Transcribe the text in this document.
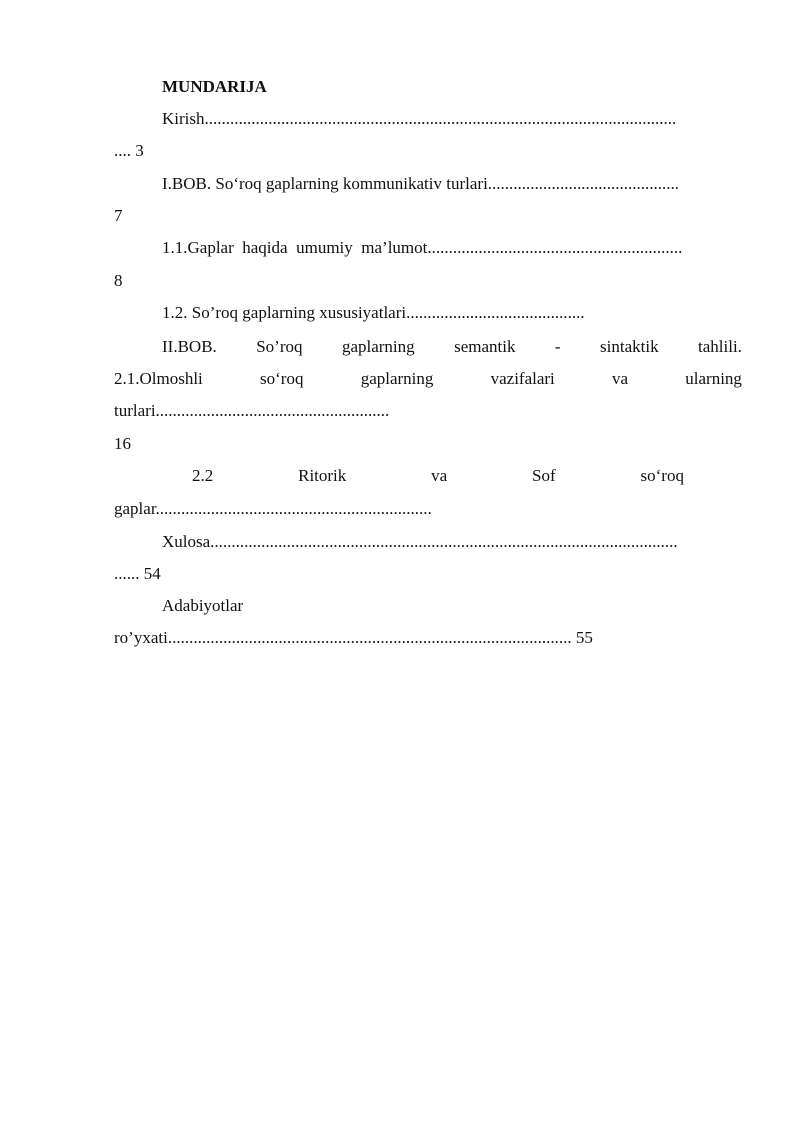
MUNDARIJA
Kirish...............................................................................................................
.... 3
I.BOB. So‘roq gaplarning kommunikativ turlari.............................................
7
1.1.Gaplar haqida umumiy ma’lumot............................................................
8
1.2. So’roq gaplarning xususiyatlari..........................................
II.BOB. So’roq gaplarning semantik - sintaktik tahlili.
2.1.Olmoshli	so‘roq	gaplarning	vazifalari	va	ularning
turlari.......................................................
16
2.2	Ritorik	va	Sof	so‘roq
gaplar.................................................................
Xulosa..............................................................................................................
...... 54
Adabiyotlar
ro’yxati............................................................................................... 55
